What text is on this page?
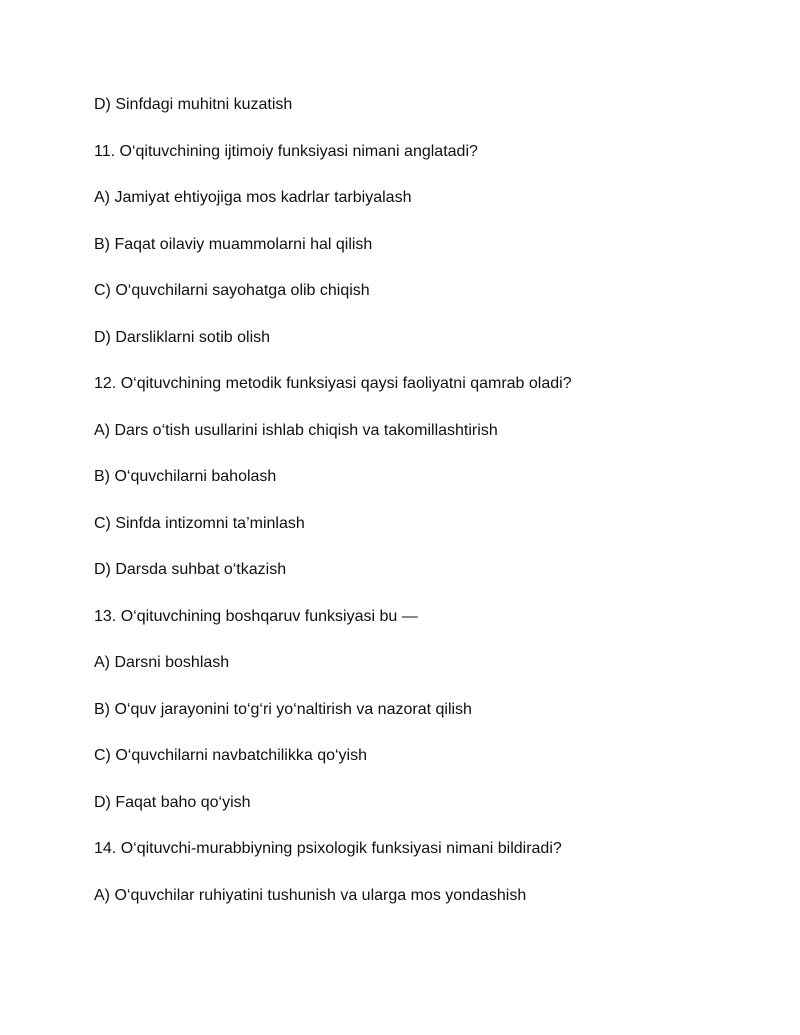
D) Sinfdagi muhitni kuzatish

11. O‘qituvchining ijtimoiy funksiyasi nimani anglatadi?

A) Jamiyat ehtiyojiga mos kadrlar tarbiyalash

B) Faqat oilaviy muammolarni hal qilish

C) O‘quvchilarni sayohatga olib chiqish

D) Darsliklarni sotib olish

12. O‘qituvchining metodik funksiyasi qaysi faoliyatni qamrab oladi?

A) Dars o‘tish usullarini ishlab chiqish va takomillashtirish

B) O‘quvchilarni baholash

C) Sinfda intizomni ta’minlash

D) Darsda suhbat o‘tkazish

13. O‘qituvchining boshqaruv funksiyasi bu —

A) Darsni boshlash

B) O‘quv jarayonini to‘g‘ri yo‘naltirish va nazorat qilish

C) O‘quvchilarni navbatchilikka qo‘yish

D) Faqat baho qo‘yish

14. O‘qituvchi-murabbiyning psixologik funksiyasi nimani bildiradi?

A) O‘quvchilar ruhiyatini tushunish va ularga mos yondashish
